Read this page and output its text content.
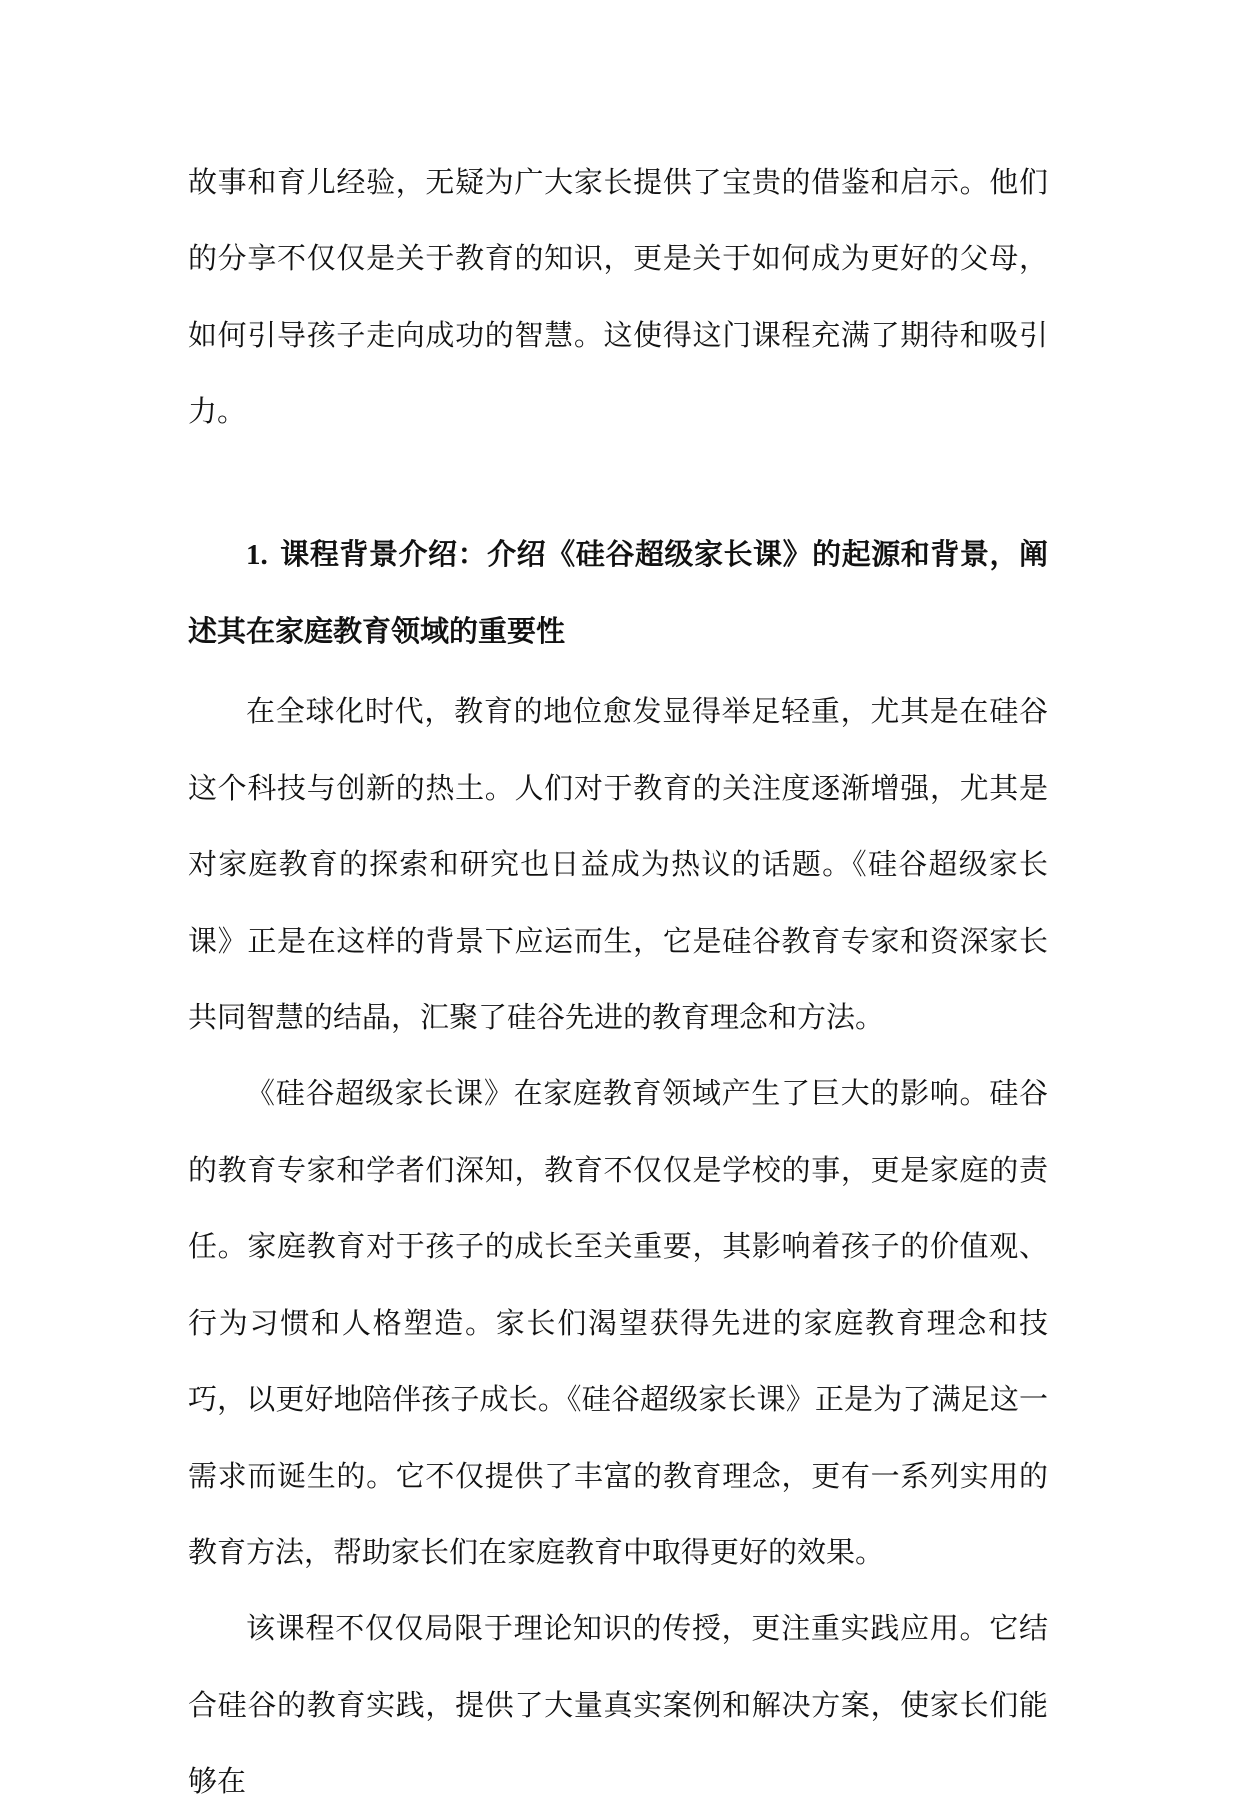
故事和育儿经验，无疑为广大家长提供了宝贵的借鉴和启示。他们的分享不仅仅是关于教育的知识，更是关于如何成为更好的父母，如何引导孩子走向成功的智慧。这使得这门课程充满了期待和吸引力。

1. 课程背景介绍：介绍《硅谷超级家长课》的起源和背景，阐述其在家庭教育领域的重要性

在全球化时代，教育的地位愈发显得举足轻重，尤其是在硅谷这个科技与创新的热土。人们对于教育的关注度逐渐增强，尤其是对家庭教育的探索和研究也日益成为热议的话题。《硅谷超级家长课》正是在这样的背景下应运而生，它是硅谷教育专家和资深家长共同智慧的结晶，汇聚了硅谷先进的教育理念和方法。

《硅谷超级家长课》在家庭教育领域产生了巨大的影响。硅谷的教育专家和学者们深知，教育不仅仅是学校的事，更是家庭的责任。家庭教育对于孩子的成长至关重要，其影响着孩子的价值观、行为习惯和人格塑造。家长们渴望获得先进的家庭教育理念和技巧，以更好地陪伴孩子成长。《硅谷超级家长课》正是为了满足这一需求而诞生的。它不仅提供了丰富的教育理念，更有一系列实用的教育方法，帮助家长们在家庭教育中取得更好的效果。

该课程不仅仅局限于理论知识的传授，更注重实践应用。它结合硅谷的教育实践，提供了大量真实案例和解决方案，使家长们能够在
